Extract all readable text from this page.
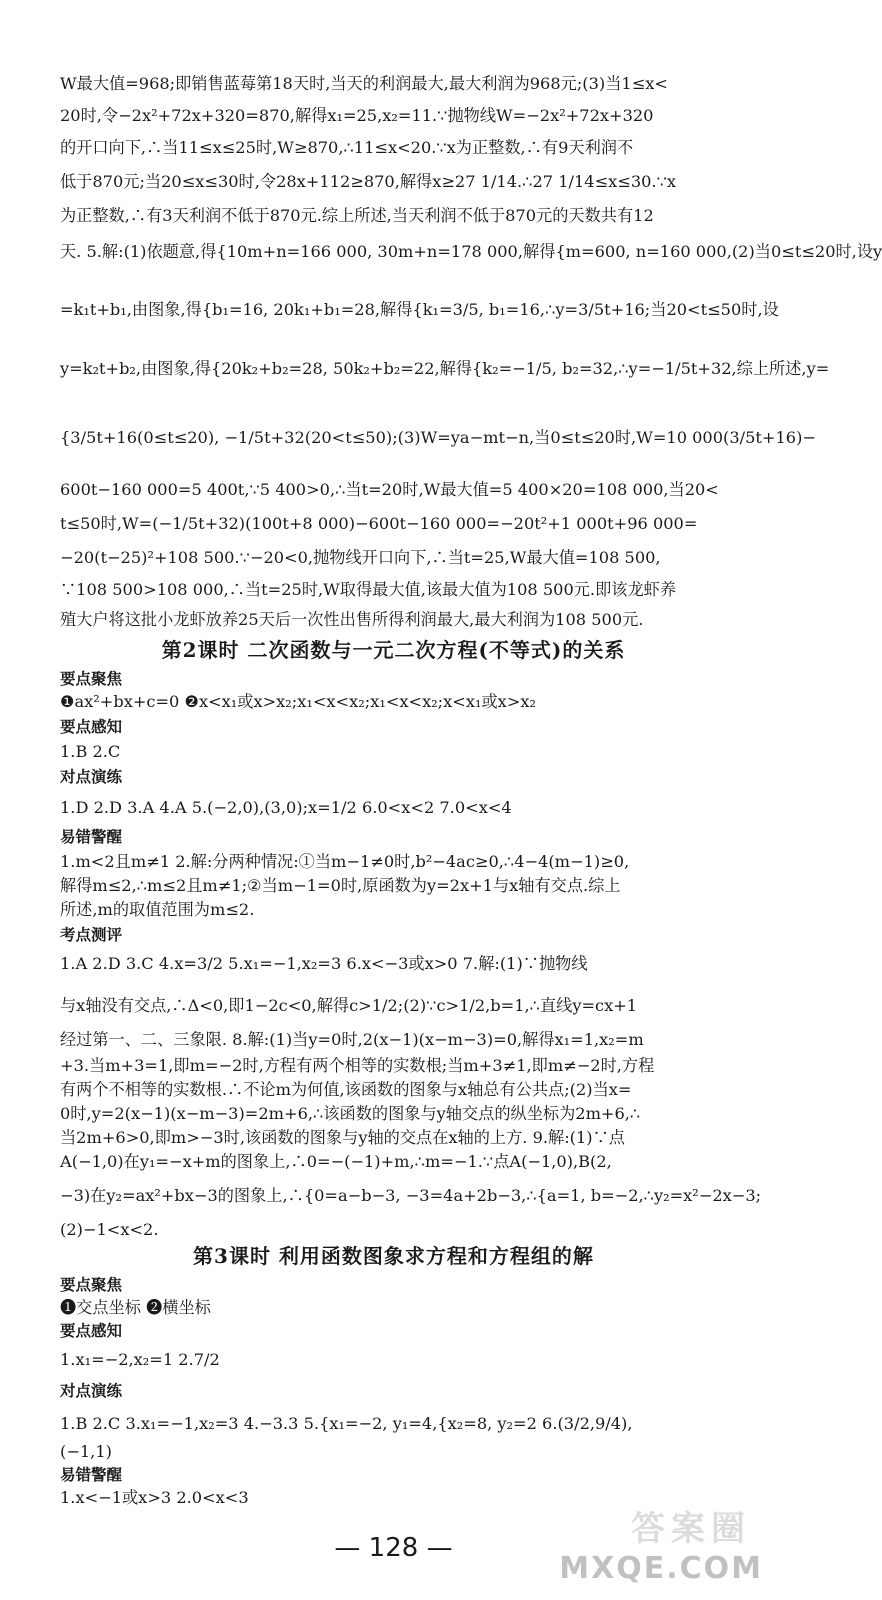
W最大值=968;即销售蓝莓第18天时,当天的利润最大,最大利润为968元;(3)当1≤x<
20时,令−2x²+72x+320=870,解得x₁=25,x₂=11.∵抛物线W=−2x²+72x+320
的开口向下,∴当11≤x≤25时,W≥870,∴11≤x<20.∵x为正整数,∴有9天利润不
低于870元;当20≤x≤30时,令28x+112≥870,解得x≥27 1/14.∴27 1/14≤x≤30.∵x
为正整数,∴有3天利润不低于870元.综上所述,当天利润不低于870元的天数共有12
天. 5.解:(1)依题意,得{10m+n=166 000, 30m+n=178 000,解得{m=600, n=160 000,(2)当0≤t≤20时,设y
=k₁t+b₁,由图象,得{b₁=16, 20k₁+b₁=28,解得{k₁=3/5, b₁=16,∴y=3/5t+16;当20<t≤50时,设
y=k₂t+b₂,由图象,得{20k₂+b₂=28, 50k₂+b₂=22,解得{k₂=−1/5, b₂=32,∴y=−1/5t+32,综上所述,y=
{3/5t+16(0≤t≤20), −1/5t+32(20<t≤50);(3)W=ya−mt−n,当0≤t≤20时,W=10 000(3/5t+16)−
600t−160 000=5 400t,∵5 400>0,∴当t=20时,W最大值=5 400×20=108 000,当20<
t≤50时,W=(−1/5t+32)(100t+8 000)−600t−160 000=−20t²+1 000t+96 000=
−20(t−25)²+108 500.∵−20<0,抛物线开口向下,∴当t=25,W最大值=108 500,
∵108 500>108 000,∴当t=25时,W取得最大值,该最大值为108 500元.即该龙虾养
殖大户将这批小龙虾放养25天后一次性出售所得利润最大,最大利润为108 500元.
第2课时 二次函数与一元二次方程(不等式)的关系
要点聚焦
❶ax²+bx+c=0 ❷x<x₁或x>x₂;x₁<x<x₂;x₁<x<x₂;x<x₁或x>x₂
要点感知
1.B 2.C
对点演练
1.D 2.D 3.A 4.A 5.(−2,0),(3,0);x=1/2 6.0<x<2 7.0<x<4
易错警醒
1.m<2且m≠1 2.解:分两种情况:①当m−1≠0时,b²−4ac≥0,∴4−4(m−1)≥0,
解得m≤2,∴m≤2且m≠1;②当m−1=0时,原函数为y=2x+1与x轴有交点.综上
所述,m的取值范围为m≤2.
考点测评
1.A 2.D 3.C 4.x=3/2 5.x₁=−1,x₂=3 6.x<−3或x>0 7.解:(1)∵抛物线
与x轴没有交点,∴Δ<0,即1−2c<0,解得c>1/2;(2)∵c>1/2,b=1,∴直线y=cx+1
经过第一、二、三象限. 8.解:(1)当y=0时,2(x−1)(x−m−3)=0,解得x₁=1,x₂=m
+3.当m+3=1,即m=−2时,方程有两个相等的实数根;当m+3≠1,即m≠−2时,方程
有两个不相等的实数根.∴不论m为何值,该函数的图象与x轴总有公共点;(2)当x=
0时,y=2(x−1)(x−m−3)=2m+6,∴该函数的图象与y轴交点的纵坐标为2m+6,∴
当2m+6>0,即m>−3时,该函数的图象与y轴的交点在x轴的上方. 9.解:(1)∵点
A(−1,0)在y₁=−x+m的图象上,∴0=−(−1)+m,∴m=−1.∵点A(−1,0),B(2,
−3)在y₂=ax²+bx−3的图象上,∴{0=a−b−3, −3=4a+2b−3,∴{a=1, b=−2,∴y₂=x²−2x−3;
(2)−1<x<2.
第3课时 利用函数图象求方程和方程组的解
要点聚焦
❶交点坐标 ❷横坐标
要点感知
1.x₁=−2,x₂=1 2.7/2
对点演练
1.B 2.C 3.x₁=−1,x₂=3 4.−3.3 5.{x₁=−2, y₁=4,{x₂=8, y₂=2 6.(3/2,9/4),
(−1,1)
易错警醒
1.x<−1或x>3 2.0<x<3
— 128 —	答案圈
MXQE.COM
